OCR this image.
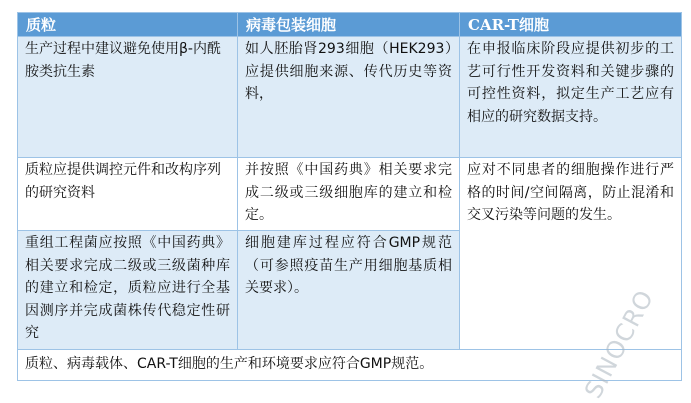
质粒	病毒包装细胞	CAR-T细胞
生产过程中建议避免使用β-内酰胺类抗生素	如人胚胎肾293细胞（HEK293）应提供细胞来源、传代历史等资料，	在申报临床阶段应提供初步的工艺可行性开发资料和关键步骤的可控性资料，拟定生产工艺应有相应的研究数据支持。
质粒应提供调控元件和改构序列的研究资料	并按照《中国药典》相关要求完成二级或三级细胞库的建立和检定。	应对不同患者的细胞操作进行严格的时间/空间隔离，防止混淆和交叉污染等问题的发生。
重组工程菌应按照《中国药典》相关要求完成二级或三级菌种库的建立和检定，质粒应进行全基因测序并完成菌株传代稳定性研究	细胞建库过程应符合GMP规范（可参照疫苗生产用细胞基质相关要求）。	
质粒、病毒载体、CAR-T细胞的生产和环境要求应符合GMP规范。			SINOCRO
